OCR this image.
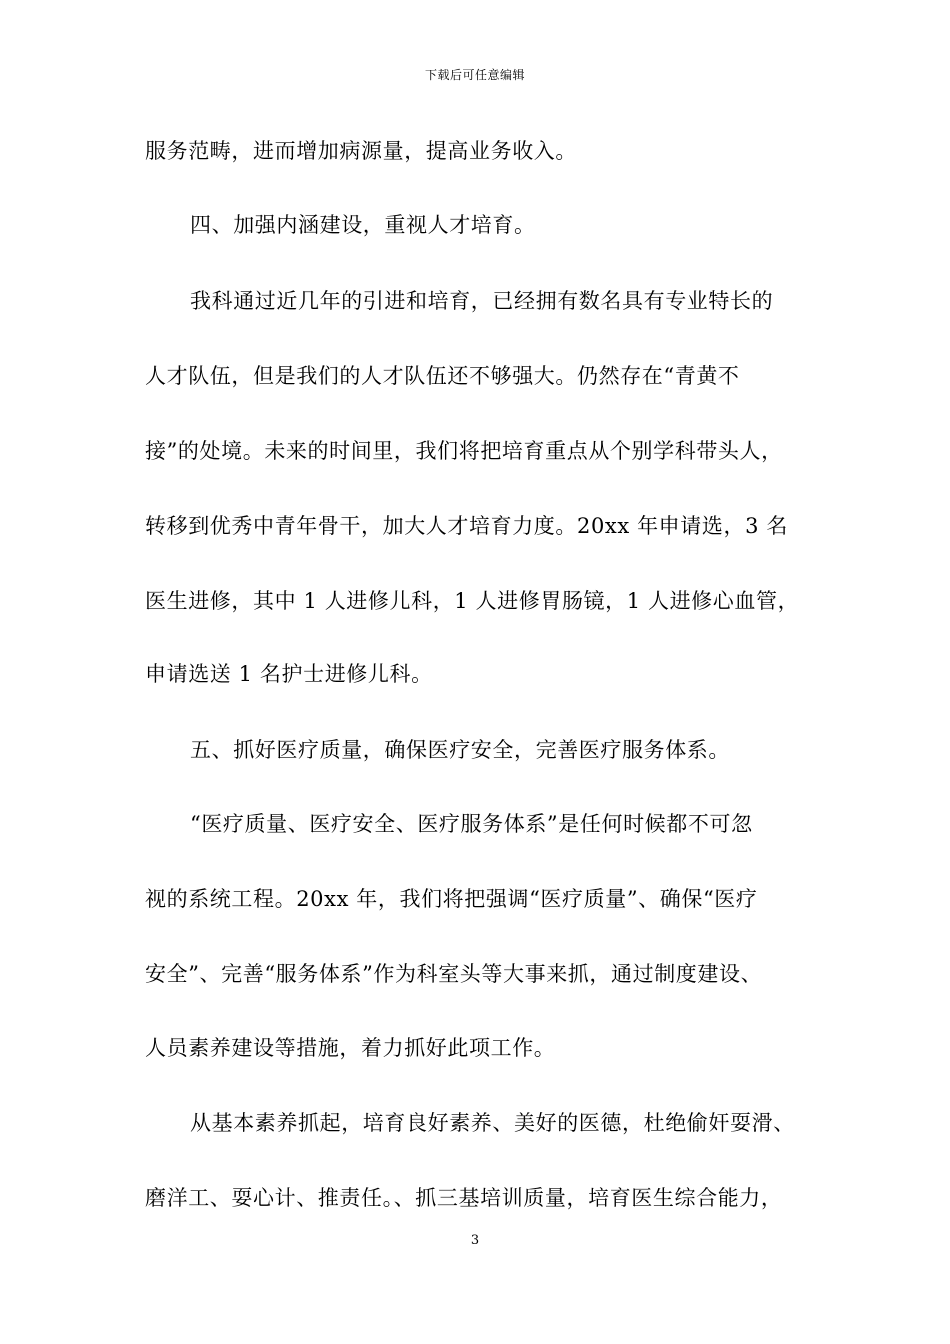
下载后可任意编辑
服务范畴，进而增加病源量，提高业务收入。
四、加强内涵建设，重视人才培育。
我科通过近几年的引进和培育，已经拥有数名具有专业特长的
人才队伍，但是我们的人才队伍还不够强大。仍然存在“青黄不
接”的处境。未来的时间里，我们将把培育重点从个别学科带头人，
转移到优秀中青年骨干，加大人才培育力度。20xx 年申请选，3 名
医生进修，其中 1 人进修儿科，1 人进修胃肠镜，1 人进修心血管，
申请选送 1 名护士进修儿科。
五、抓好医疗质量，确保医疗安全，完善医疗服务体系。
“医疗质量、医疗安全、医疗服务体系”是任何时候都不可忽
视的系统工程。20xx 年，我们将把强调“医疗质量”、确保“医疗
安全”、完善“服务体系”作为科室头等大事来抓，通过制度建设、
人员素养建设等措施，着力抓好此项工作。
从基本素养抓起，培育良好素养、美好的医德，杜绝偷奸耍滑、
磨洋工、耍心计、推责任。、抓三基培训质量，培育医生综合能力，
3
